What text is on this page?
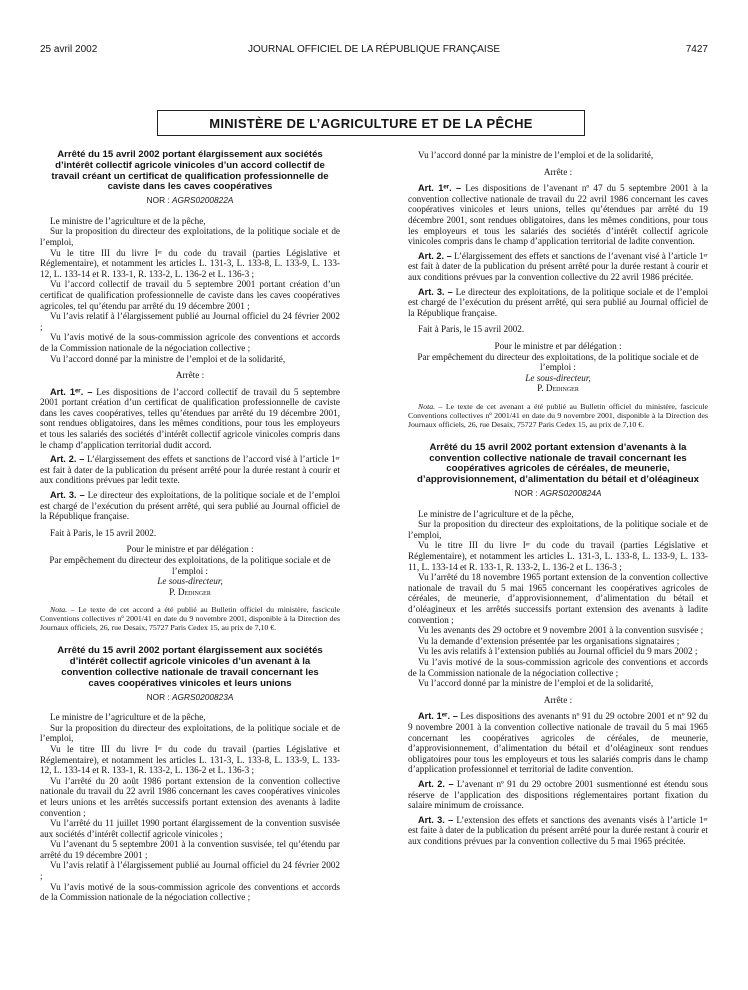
25 avril 2002	JOURNAL OFFICIEL DE LA RÉPUBLIQUE FRANÇAISE	7427
MINISTÈRE DE L’AGRICULTURE ET DE LA PÊCHE
Arrêté du 15 avril 2002 portant élargissement aux sociétés d’intérêt collectif agricole vinicoles d’un accord collectif de travail créant un certificat de qualification professionnelle de caviste dans les caves coopératives
NOR : AGRS0200822A

Le ministre de l’agriculture et de la pêche,

Sur la proposition du directeur des exploitations, de la politique sociale et de l’emploi,

Vu le titre III du livre Iᵉʳ du code du travail (parties Législative et Réglementaire), et notamment les articles L. 131-3, L. 133-8, L. 133-9, L. 133-12, L. 133-14 et R. 133-1, R. 133-2, L. 136-2 et L. 136-3 ;

Vu l’accord collectif de travail du 5 septembre 2001 portant création d’un certificat de qualification professionnelle de caviste dans les caves coopératives agricoles, tel qu’étendu par arrêté du 19 décembre 2001 ;

Vu l’avis relatif à l’élargissement publié au Journal officiel du 24 février 2002 ;

Vu l’avis motivé de la sous-commission agricole des conventions et accords de la Commission nationale de la négociation collective ;

Vu l’accord donné par la ministre de l’emploi et de la solidarité,

Arrête :

Art. 1ᵉʳ. – Les dispositions de l’accord collectif de travail du 5 septembre 2001 portant création d’un certificat de qualification professionnelle de caviste dans les caves coopératives, telles qu’étendues par arrêté du 19 décembre 2001, sont rendues obligatoires, dans les mêmes conditions, pour tous les employeurs et tous les salariés des sociétés d’intérêt collectif agricole vinicoles compris dans le champ d’application territorial dudit accord.

Art. 2. – L’élargissement des effets et sanctions de l’accord visé à l’article 1ᵉʳ est fait à dater de la publication du présent arrêté pour la durée restant à courir et aux conditions prévues par ledit texte.

Art. 3. – Le directeur des exploitations, de la politique sociale et de l’emploi est chargé de l’exécution du présent arrêté, qui sera publié au Journal officiel de la République française.

Fait à Paris, le 15 avril 2002.

Pour le ministre et par délégation :
Par empêchement du directeur des exploitations, de la politique sociale et de l’emploi :
Le sous-directeur,
P. Dedinger

Nota. – Le texte de cet accord a été publié au Bulletin officiel du ministère, fascicule Conventions collectives nº 2001/41 en date du 9 novembre 2001, disponible à la Direction des Journaux officiels, 26, rue Desaix, 75727 Paris Cedex 15, au prix de 7,10 €.

Arrêté du 15 avril 2002 portant élargissement aux sociétés d’intérêt collectif agricole vinicoles d’un avenant à la convention collective nationale de travail concernant les caves coopératives vinicoles et leurs unions
NOR : AGRS0200823A

Le ministre de l’agriculture et de la pêche,

Sur la proposition du directeur des exploitations, de la politique sociale et de l’emploi,

Vu le titre III du livre Iᵉʳ du code du travail (parties Législative et Réglementaire), et notamment les articles L. 131-3, L. 133-8, L. 133-9, L. 133-12, L. 133-14 et R. 133-1, R. 133-2, L. 136-2 et L. 136-3 ;

Vu l’arrêté du 20 août 1986 portant extension de la convention collective nationale du travail du 22 avril 1986 concernant les caves coopératives vinicoles et leurs unions et les arrêtés successifs portant extension des avenants à ladite convention ;

Vu l’arrêté du 11 juillet 1990 portant élargissement de la convention susvisée aux sociétés d’intérêt collectif agricole vinicoles ;

Vu l’avenant du 5 septembre 2001 à la convention susvisée, tel qu’étendu par arrêté du 19 décembre 2001 ;

Vu l’avis relatif à l’élargissement publié au Journal officiel du 24 février 2002 ;

Vu l’avis motivé de la sous-commission agricole des conventions et accords de la Commission nationale de la négociation collective ;

Vu l’accord donné par la ministre de l’emploi et de la solidarité,

Arrête :

Art. 1ᵉʳ. – Les dispositions de l’avenant nº 47 du 5 septembre 2001 à la convention collective nationale de travail du 22 avril 1986 concernant les caves coopératives vinicoles et leurs unions, telles qu’étendues par arrêté du 19 décembre 2001, sont rendues obligatoires, dans les mêmes conditions, pour tous les employeurs et tous les salariés des sociétés d’intérêt collectif agricole vinicoles compris dans le champ d’application territorial de ladite convention.

Art. 2. – L’élargissement des effets et sanctions de l’avenant visé à l’article 1ᵉʳ est fait à dater de la publication du présent arrêté pour la durée restant à courir et aux conditions prévues par la convention collective du 22 avril 1986 précitée.

Art. 3. – Le directeur des exploitations, de la politique sociale et de l’emploi est chargé de l’exécution du présent arrêté, qui sera publié au Journal officiel de la République française.

Fait à Paris, le 15 avril 2002.

Pour le ministre et par délégation :
Par empêchement du directeur des exploitations, de la politique sociale et de l’emploi :
Le sous-directeur,
P. Dedinger

Nota. – Le texte de cet avenant a été publié au Bulletin officiel du ministère, fascicule Conventions collectives nº 2001/41 en date du 9 novembre 2001, disponible à la Direction des Journaux officiels, 26, rue Desaix, 75727 Paris Cedex 15, au prix de 7,10 €.

Arrêté du 15 avril 2002 portant extension d’avenants à la convention collective nationale de travail concernant les coopératives agricoles de céréales, de meunerie, d’approvisionnement, d’alimentation du bétail et d’oléagineux
NOR : AGRS0200824A

Le ministre de l’agriculture et de la pêche,

Sur la proposition du directeur des exploitations, de la politique sociale et de l’emploi,

Vu le titre III du livre Iᵉʳ du code du travail (parties Législative et Réglementaire), et notamment les articles L. 131-3, L. 133-8, L. 133-9, L. 133-11, L. 133-14 et R. 133-1, R. 133-2, L. 136-2 et L. 136-3 ;

Vu l’arrêté du 18 novembre 1965 portant extension de la convention collective nationale de travail du 5 mai 1965 concernant les coopératives agricoles de céréales, de meunerie, d’approvisionnement, d’alimentation du bétail et d’oléagineux et les arrêtés successifs portant extension des avenants à ladite convention ;

Vu les avenants des 29 octobre et 9 novembre 2001 à la convention susvisée ;

Vu la demande d’extension présentée par les organisations signataires ;

Vu les avis relatifs à l’extension publiés au Journal officiel du 9 mars 2002 ;

Vu l’avis motivé de la sous-commission agricole des conventions et accords de la Commission nationale de la négociation collective ;

Vu l’accord donné par la ministre de l’emploi et de la solidarité,

Arrête :

Art. 1ᵉʳ. – Les dispositions des avenants nº 91 du 29 octobre 2001 et nº 92 du 9 novembre 2001 à la convention collective nationale de travail du 5 mai 1965 concernant les coopératives agricoles de céréales, de meunerie, d’approvisionnement, d’alimentation du bétail et d’oléagineux sont rendues obligatoires pour tous les employeurs et tous les salariés compris dans le champ d’application professionnel et territorial de ladite convention.

Art. 2. – L’avenant nº 91 du 29 octobre 2001 susmentionné est étendu sous réserve de l’application des dispositions réglementaires portant fixation du salaire minimum de croissance.

Art. 3. – L’extension des effets et sanctions des avenants visés à l’article 1ᵉʳ est faite à dater de la publication du présent arrêté pour la durée restant à courir et aux conditions prévues par la convention collective du 5 mai 1965 précitée.
